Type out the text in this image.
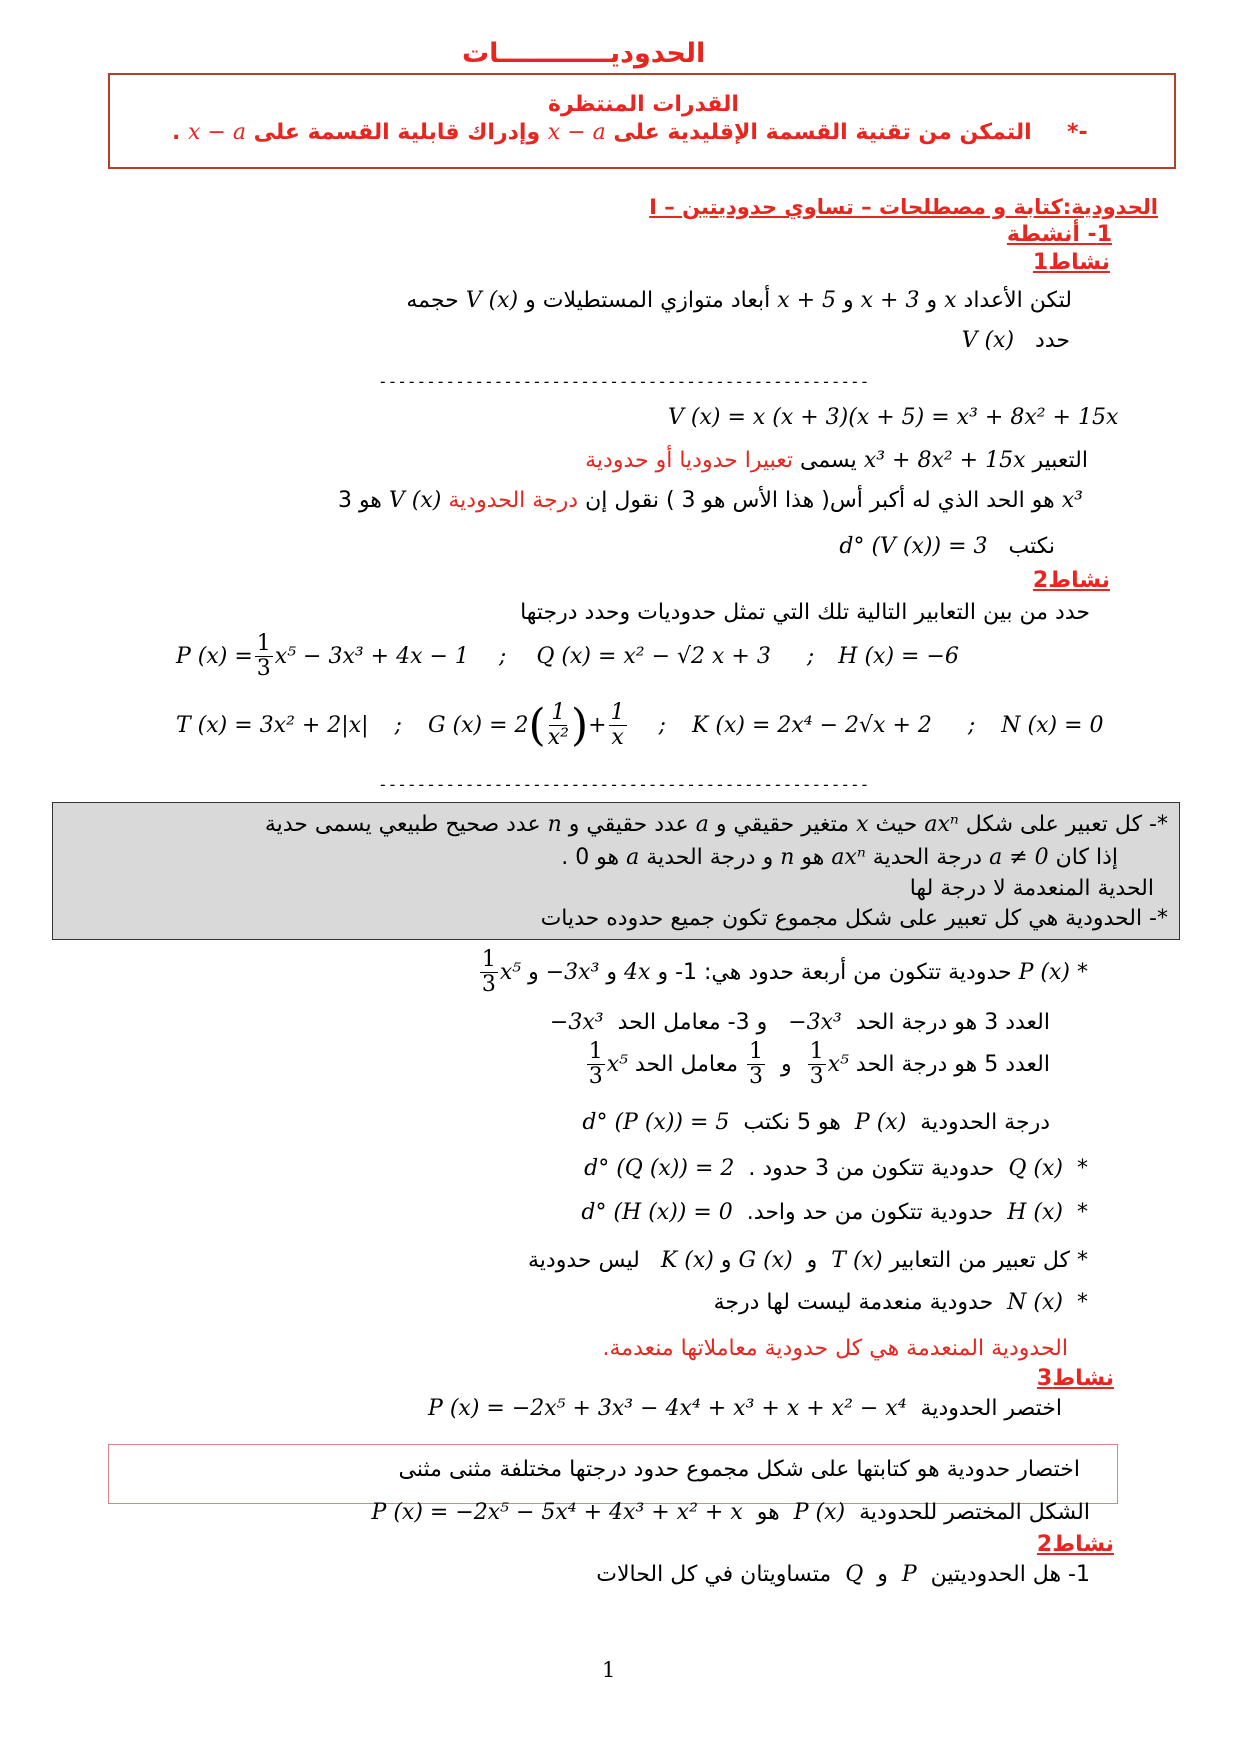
الحدوديــــــــــــات
القدرات المنتظرة
. x − a وإدراك قابلية القسمة على x − a التمكن من تقنية القسمة الإقليدية على *-
I – الحدودية:كتابة و مصطلحات – تساوي حدوديتين
1- أنشطة
نشاط1
لتكن الأعداد x و x + 3 و x + 5 أبعاد متوازي المستطيلات و V (x) حجمه
حدد   V (x)
---------------------------------------------------
V (x) = x (x + 3)(x + 5) = x³ + 8x² + 15x
التعبير x³ + 8x² + 15x يسمى تعبيرا حدوديا أو حدودية
x³ هو الحد الذي له أكبر أس( هذا الأس هو 3 ) نقول إن درجة الحدودية V (x) هو 3
نكتب   d° (V (x)) = 3
نشاط2
حدد من بين التعابير التالية تلك التي تمثل حدوديات وحدد درجتها
P $(x) = \frac{1}{3} x^5 - 3x^3 + 4x - 1$ ; Q (x) = x² − √2 x + 3 ; H (x) = −6
T (x) = 3x² + 2|x| ; G (x) = 2 ( $\frac{1}{\text{x²}}$ ) + $\frac{1}{x}$ ; K (x) = 2x⁴ − 2√x + 2 ; N (x) = 0
---------------------------------------------------
*- كل تعبير على شكل axⁿ حيث x متغير حقيقي و a عدد حقيقي و n عدد صحيح طبيعي يسمى حدية
إذا كان a ≠ 0 درجة الحدية axⁿ هو n و درجة الحدية a هو 0 .
الحدية المنعدمة لا درجة لها
*- الحدودية هي كل تعبير على شكل مجموع تكون جميع حدوده حديات
*

P (x)

حدودية تتكون من أربعة حدود هي: 1- و

4x

و

−3x³

و

$\frac{1}{3} x^5$
العدد 3 هو درجة الحد  −3x³   و 3- معامل الحد  −3x³
العدد 5 هو درجة الحد

$\frac{1}{3} x^5$

و

$\frac{1}{3}$

معامل الحد

$\frac{1}{3} x^5$
درجة الحدودية  P (x)  هو 5 نكتب  d° (P (x)) = 5
*  Q (x)  حدودية تتكون من 3 حدود .  d° (Q (x)) = 2
*  H (x)  حدودية تتكون من حد واحد.  d° (H (x)) = 0
* كل تعبير من التعابير T (x)  و  G (x) و K (x)   ليس حدودية
*  N (x)  حدودية منعدمة ليست لها درجة
الحدودية المنعدمة هي كل حدودية معاملاتها منعدمة.
نشاط3
اختصر الحدودية  P (x) = −2x⁵ + 3x³ − 4x⁴ + x³ + x + x² − x⁴
اختصار حدودية هو كتابتها على شكل مجموع حدود درجتها مختلفة مثنى مثنى
الشكل المختصر للحدودية  P (x)  هو  P (x) = −2x⁵ − 5x⁴ + 4x³ + x² + x
نشاط2
1- هل الحدوديتين  P  و  Q  متساويتان في كل الحالات
1
